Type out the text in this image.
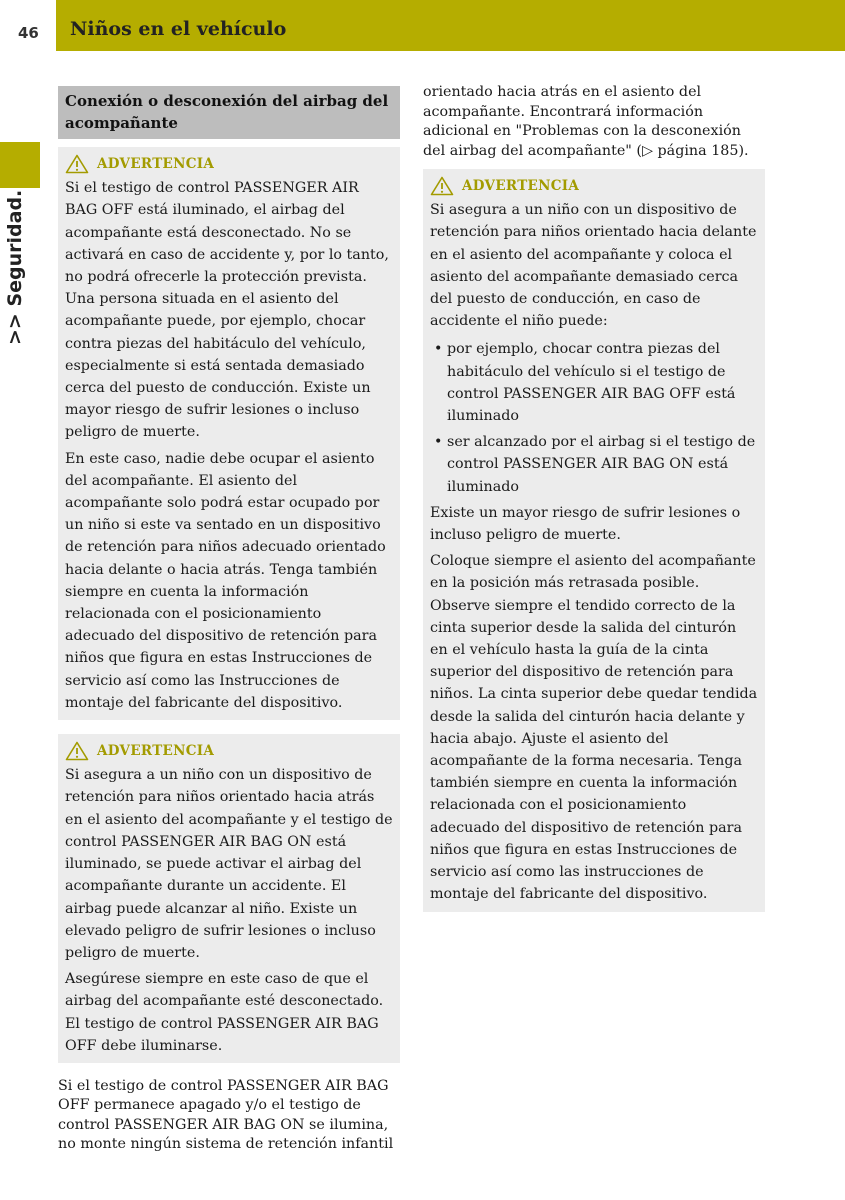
46 Niños en el vehículo
>> Seguridad.
Conexión o desconexión del airbag del acompañante
ADVERTENCIA

Si el testigo de control PASSENGER AIR BAG OFF está iluminado, el airbag del acompañante está desconectado. No se activará en caso de accidente y, por lo tanto, no podrá ofrecerle la protección prevista. Una persona situada en el asiento del acompañante puede, por ejemplo, chocar contra piezas del habitáculo del vehículo, especialmente si está sentada demasiado cerca del puesto de conducción. Existe un mayor riesgo de sufrir lesiones o incluso peligro de muerte.

En este caso, nadie debe ocupar el asiento del acompañante. El asiento del acompañante solo podrá estar ocupado por un niño si este va sentado en un dispositivo de retención para niños adecuado orientado hacia delante o hacia atrás. Tenga también siempre en cuenta la información relacionada con el posicionamiento adecuado del dispositivo de retención para niños que figura en estas Instrucciones de servicio así como las Instrucciones de montaje del fabricante del dispositivo.

ADVERTENCIA

Si asegura a un niño con un dispositivo de retención para niños orientado hacia atrás en el asiento del acompañante y el testigo de control PASSENGER AIR BAG ON está iluminado, se puede activar el airbag del acompañante durante un accidente. El airbag puede alcanzar al niño. Existe un elevado peligro de sufrir lesiones o incluso peligro de muerte.

Asegúrese siempre en este caso de que el airbag del acompañante esté desconectado. El testigo de control PASSENGER AIR BAG OFF debe iluminarse.

Si el testigo de control PASSENGER AIR BAG OFF permanece apagado y/o el testigo de control PASSENGER AIR BAG ON se ilumina, no monte ningún sistema de retención infantil

orientado hacia atrás en el asiento del acompañante. Encontrará información adicional en "Problemas con la desconexión del airbag del acompañante" (▷ página 185).

ADVERTENCIA

Si asegura a un niño con un dispositivo de retención para niños orientado hacia delante en el asiento del acompañante y coloca el asiento del acompañante demasiado cerca del puesto de conducción, en caso de accidente el niño puede:

• por ejemplo, chocar contra piezas del habitáculo del vehículo si el testigo de control PASSENGER AIR BAG OFF está iluminado
• ser alcanzado por el airbag si el testigo de control PASSENGER AIR BAG ON está iluminado

Existe un mayor riesgo de sufrir lesiones o incluso peligro de muerte.

Coloque siempre el asiento del acompañante en la posición más retrasada posible. Observe siempre el tendido correcto de la cinta superior desde la salida del cinturón en el vehículo hasta la guía de la cinta superior del dispositivo de retención para niños. La cinta superior debe quedar tendida desde la salida del cinturón hacia delante y hacia abajo. Ajuste el asiento del acompañante de la forma necesaria. Tenga también siempre en cuenta la información relacionada con el posicionamiento adecuado del dispositivo de retención para niños que figura en estas Instrucciones de servicio así como las instrucciones de montaje del fabricante del dispositivo.
